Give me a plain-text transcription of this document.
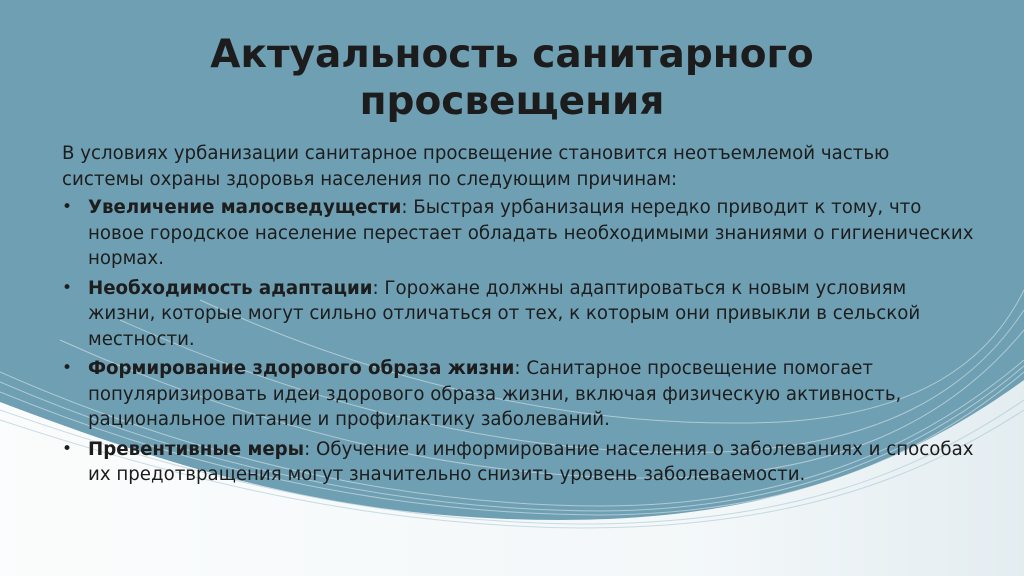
Актуальность санитарного просвещения

В условиях урбанизации санитарное просвещение становится неотъемлемой частью системы охраны здоровья населения по следующим причинам:

• Увеличение малосведущести: Быстрая урбанизация нередко приводит к тому, что новое городское население перестает обладать необходимыми знаниями о гигиенических нормах.
• Необходимость адаптации: Горожане должны адаптироваться к новым условиям жизни, которые могут сильно отличаться от тех, к которым они привыкли в сельской местности.
• Формирование здорового образа жизни: Санитарное просвещение помогает популяризировать идеи здорового образа жизни, включая физическую активность, рациональное питание и профилактику заболеваний.
• Превентивные меры: Обучение и информирование населения о заболеваниях и способах их предотвращения могут значительно снизить уровень заболеваемости.
